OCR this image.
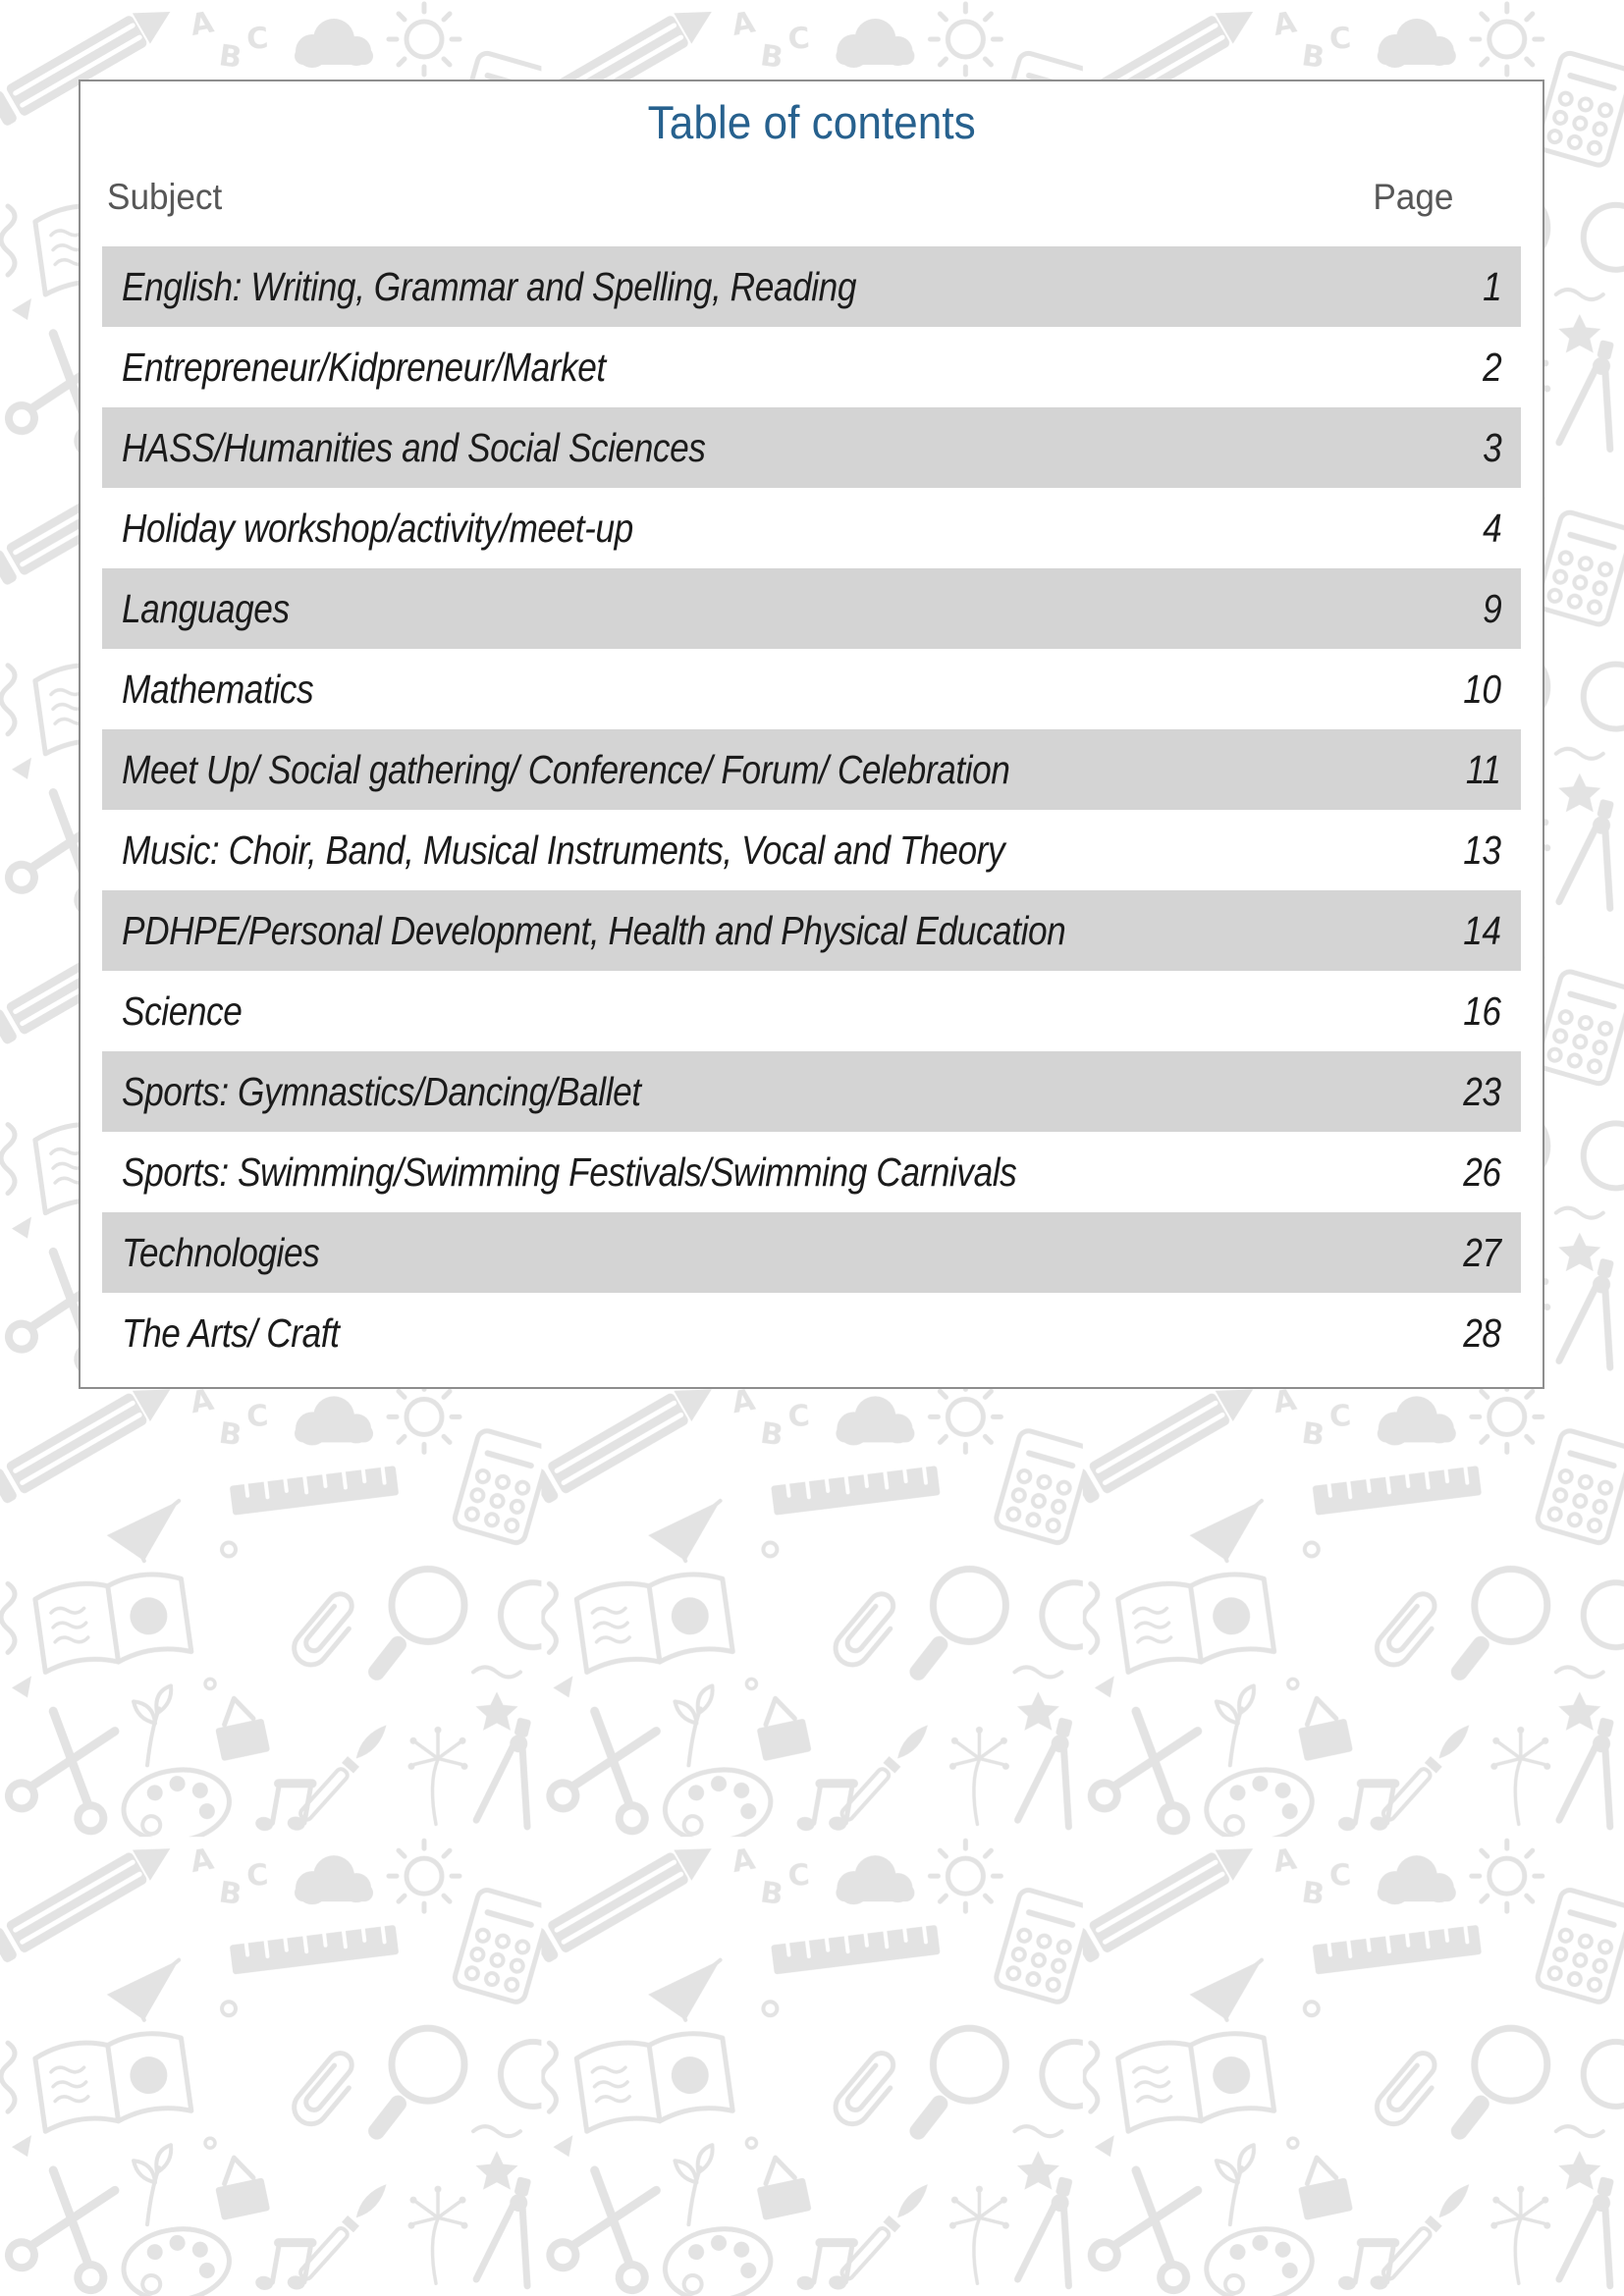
Table of contents
Subject	Page
English: Writing, Grammar and Spelling, Reading	1
Entrepreneur/Kidpreneur/Market	2
HASS/Humanities and Social Sciences	3
Holiday workshop/activity/meet-up	4
Languages	9
Mathematics	10
Meet Up/ Social gathering/ Conference/ Forum/ Celebration	11
Music: Choir, Band, Musical Instruments, Vocal and Theory	13
PDHPE/Personal Development, Health and Physical Education	14
Science	16
Sports: Gymnastics/Dancing/Ballet	23
Sports: Swimming/Swimming Festivals/Swimming Carnivals	26
Technologies	27
The Arts/ Craft	28
